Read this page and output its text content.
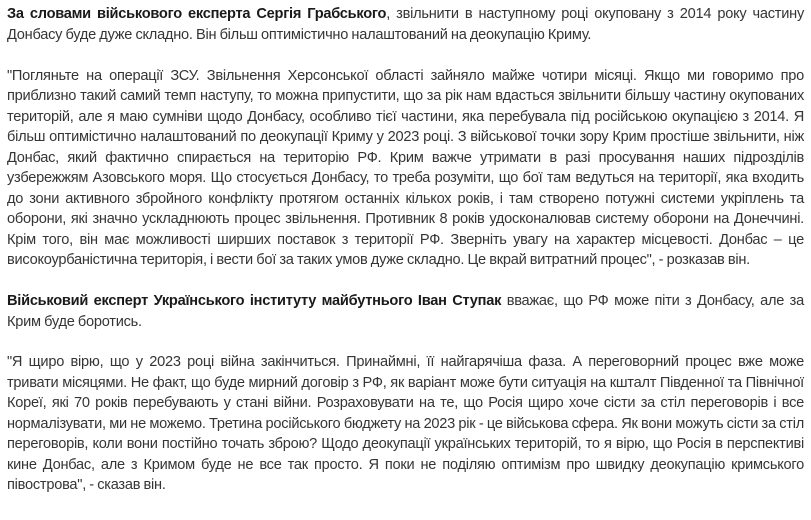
За словами військового експерта Сергія Грабського, звільнити в наступному році окуповану з 2014 року частину Донбасу буде дуже складно. Він більш оптимістично налаштований на деокупацію Криму.

"Погляньте на операції ЗСУ. Звільнення Херсонської області зайняло майже чотири місяці. Якщо ми говоримо про приблизно такий самий темп наступу, то можна припустити, що за рік нам вдасться звільнити більшу частину окупованих територій, але я маю сумніви щодо Донбасу, особливо тієї частини, яка перебувала під російською окупацією з 2014. Я більш оптимістично налаштований по деокупації Криму у 2023 році. З військової точки зору Крим простіше звільнити, ніж Донбас, який фактично спирається на територію РФ. Крим важче утримати в разі просування наших підрозділів узбережжям Азовського моря. Що стосується Донбасу, то треба розуміти, що бої там ведуться на території, яка входить до зони активного збройного конфлікту протягом останніх кількох років, і там створено потужні системи укріплень та оборони, які значно ускладнюють процес звільнення. Противник 8 років удосконалював систему оборони на Донеччині. Крім того, він має можливості ширших поставок з території РФ. Зверніть увагу на характер місцевості. Донбас – це високоурбаністична територія, і вести бої за таких умов дуже складно. Це вкрай витратний процес", - розказав він.

Військовий експерт Українського інституту майбутнього Іван Ступак вважає, що РФ може піти з Донбасу, але за Крим буде боротись.

"Я щиро вірю, що у 2023 році війна закінчиться. Принаймні, її найгарячіша фаза. А переговорний процес вже може тривати місяцями. Не факт, що буде мирний договір з РФ, як варіант може бути ситуація на кшталт Південної та Північної Кореї, які 70 років перебувають у стані війни. Розраховувати на те, що Росія щиро хоче сісти за стіл переговорів і все нормалізувати, ми не можемо. Третина російського бюджету на 2023 рік - це військова сфера. Як вони можуть сісти за стіл переговорів, коли вони постійно точать зброю? Щодо деокупації українських територій, то я вірю, що Росія в перспективі кине Донбас, але з Кримом буде не все так просто. Я поки не поділяю оптимізм про швидку деокупацію кримського півострова", - сказав він.
